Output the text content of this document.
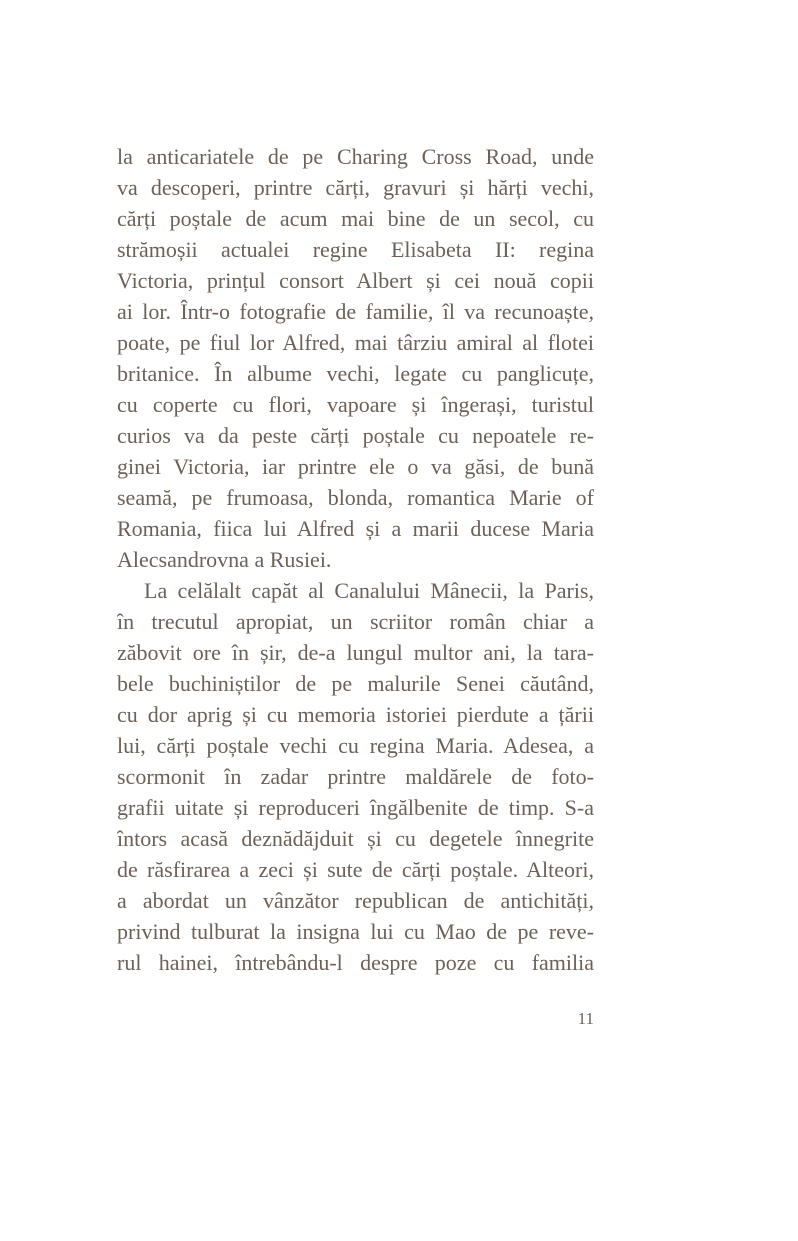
la anticariatele de pe Charing Cross Road, unde
va descoperi, printre cărți, gravuri și hărți vechi,
cărți poștale de acum mai bine de un secol, cu
strămoșii actualei regine Elisabeta II: regina
Victoria, prințul consort Albert și cei nouă copii
ai lor. Într-o fotografie de familie, îl va recunoaște,
poate, pe fiul lor Alfred, mai târziu amiral al flotei
britanice. În albume vechi, legate cu panglicuțe,
cu coperte cu flori, vapoare și îngerași, turistul
curios va da peste cărți poștale cu nepoatele re-
ginei Victoria, iar printre ele o va găsi, de bună
seamă, pe frumoasa, blonda, romantica Marie of
Romania, fiica lui Alfred și a marii ducese Maria
Alecsandrovna a Rusiei.
La celălalt capăt al Canalului Mânecii, la Paris,
în trecutul apropiat, un scriitor român chiar a
zăbovit ore în șir, de-a lungul multor ani, la tara-
bele buchiniștilor de pe malurile Senei căutând,
cu dor aprig și cu memoria istoriei pierdute a țării
lui, cărți poștale vechi cu regina Maria. Adesea, a
scormonit în zadar printre maldărele de foto-
grafii uitate și reproduceri îngălbenite de timp. S-a
întors acasă deznădăjduit și cu degetele înnegrite
de răsfirarea a zeci și sute de cărți poștale. Alteori,
a abordat un vânzător republican de antichități,
privind tulburat la insigna lui cu Mao de pe reve-
rul hainei, întrebându-l despre poze cu familia
11
